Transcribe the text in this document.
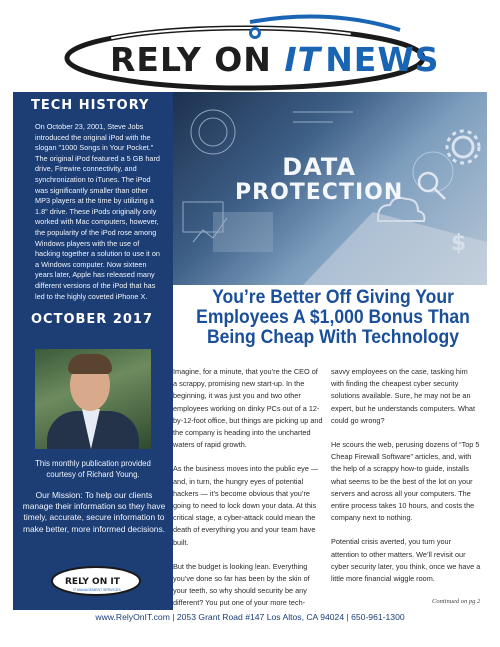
RELY ON IT NEWS
TECH HISTORY
On October 23, 2001, Steve Jobs introduced the original iPod with the slogan "1000 Songs in Your Pocket." The original iPod featured a 5 GB hard drive, Firewire connectivity, and synchronization to iTunes. The iPod was significantly smaller than other MP3 players at the time by utilizing a 1.8" drive. These iPods originally only worked with Mac computers, however, the popularity of the iPod rose among Windows players with the use of hacking together a solution to use it on a Windows computer. Now sixteen years later, Apple has released many different versions of the iPod that has led to the highly coveted iPhone X.
OCTOBER 2017
This monthly publication provided courtesy of Richard Young.
Our Mission: To help our clients manage their information so they have timely, accurate, secure information to make better, more informed decisions.
RELY ON IT
IT MANAGEMENT SERVICES
DATA
PROTECTION
You’re Better Off Giving Your Employees A $1,000 Bonus Than Being Cheap With Technology

Imagine, for a minute, that you’re the CEO of a scrappy, promising new start-up. In the beginning, it was just you and two other employees working on dinky PCs out of a 12-by-12-foot office, but things are picking up and the company is heading into the uncharted waters of rapid growth.

As the business moves into the public eye — and, in turn, the hungry eyes of potential hackers — it’s become obvious that you’re going to need to lock down your data. At this critical stage, a cyber-attack could mean the death of everything you and your team have built.

But the budget is looking lean. Everything you’ve done so far has been by the skin of your teeth, so why should security be any different? You put one of your more tech-

savvy employees on the case, tasking him with finding the cheapest cyber security solutions available. Sure, he may not be an expert, but he understands computers. What could go wrong?

He scours the web, perusing dozens of “Top 5 Cheap Firewall Software” articles, and, with the help of a scrappy how-to guide, installs what seems to be the best of the lot on your servers and across all your computers. The entire process takes 10 hours, and costs the company next to nothing.

Potential crisis averted, you turn your attention to other matters. We’ll revisit our cyber security later, you think, once we have a little more financial wiggle room.

Continued on pg 2
www.RelyOnIT.com | 2053 Grant Road #147 Los Altos, CA 94024 | 650-961-1300
